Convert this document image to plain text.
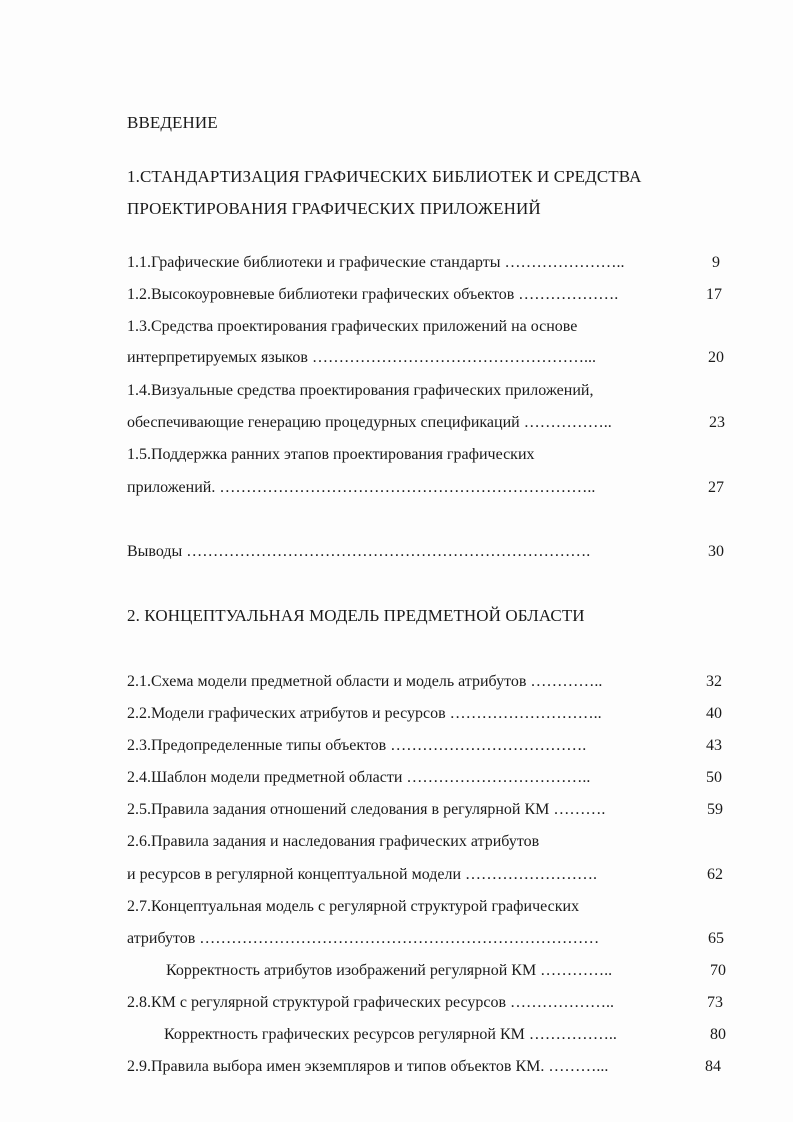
ВВЕДЕНИЕ
1.СТАНДАРТИЗАЦИЯ ГРАФИЧЕСКИХ БИБЛИОТЕК И СРЕДСТВА
ПРОЕКТИРОВАНИЯ ГРАФИЧЕСКИХ ПРИЛОЖЕНИЙ
1.1.Графические библиотеки и графические стандарты …………………..	9
1.2.Высокоуровневые библиотеки графических объектов ……………….	17
1.3.Средства проектирования графических приложений на основе
интерпретируемых языков ……………………………………………...	20
1.4.Визуальные средства проектирования графических приложений,
обеспечивающие генерацию процедурных спецификаций ……………..	23
1.5.Поддержка ранних этапов проектирования графических
приложений. ……………………………………………………………..	27
Выводы ………………………………………………………………….	30
2. КОНЦЕПТУАЛЬНАЯ МОДЕЛЬ ПРЕДМЕТНОЙ ОБЛАСТИ
2.1.Схема модели предметной области и модель атрибутов …………..	32
2.2.Модели графических атрибутов и ресурсов ………………………..	40
2.3.Предопределенные типы объектов ……………………………….	43
2.4.Шаблон модели предметной области ……………………………..	50
2.5.Правила задания отношений следования в регулярной КМ ……….	59
2.6.Правила задания и наследования графических атрибутов
и ресурсов в регулярной концептуальной модели …………………….	62
2.7.Концептуальная модель с регулярной структурой графических
атрибутов …………………………………………………………………	65
Корректность атрибутов изображений регулярной КМ …………..	70
2.8.КМ с регулярной структурой графических ресурсов ………………..	73
Корректность графических ресурсов регулярной КМ ……………..	80
2.9.Правила выбора имен экземпляров и типов объектов КМ. ………...	84
